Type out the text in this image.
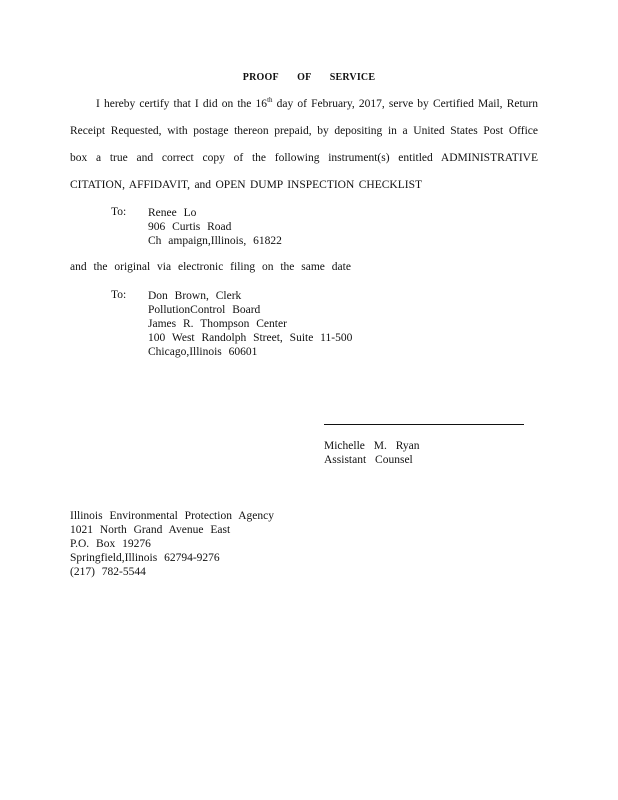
PROOF OF SERVICE
I hereby certify that I did on the 16th day of February, 2017, serve by Certified Mail, Return
Receipt Requested, with postage thereon prepaid, by depositing in a United States Post Office
box a true and correct copy of the following instrument(s) entitled ADMINISTRATIVE
CITATION, AFFIDAVIT, and OPEN DUMP INSPECTION CHECKLIST
To: Renee Lo
906 Curtis Road
Ch ampaign,Illinois, 61822
and the original via electronic filing on the same date
To: Don Brown, Clerk
PollutionControl Board
James R. Thompson Center
100 West Randolph Street, Suite 11-500
Chicago,Illinois 60601
Michelle M. Ryan
Assistant Counsel
Illinois Environmental Protection Agency
1021 North Grand Avenue East
P.O. Box 19276
Springfield,Illinois 62794-9276
(217) 782-5544
